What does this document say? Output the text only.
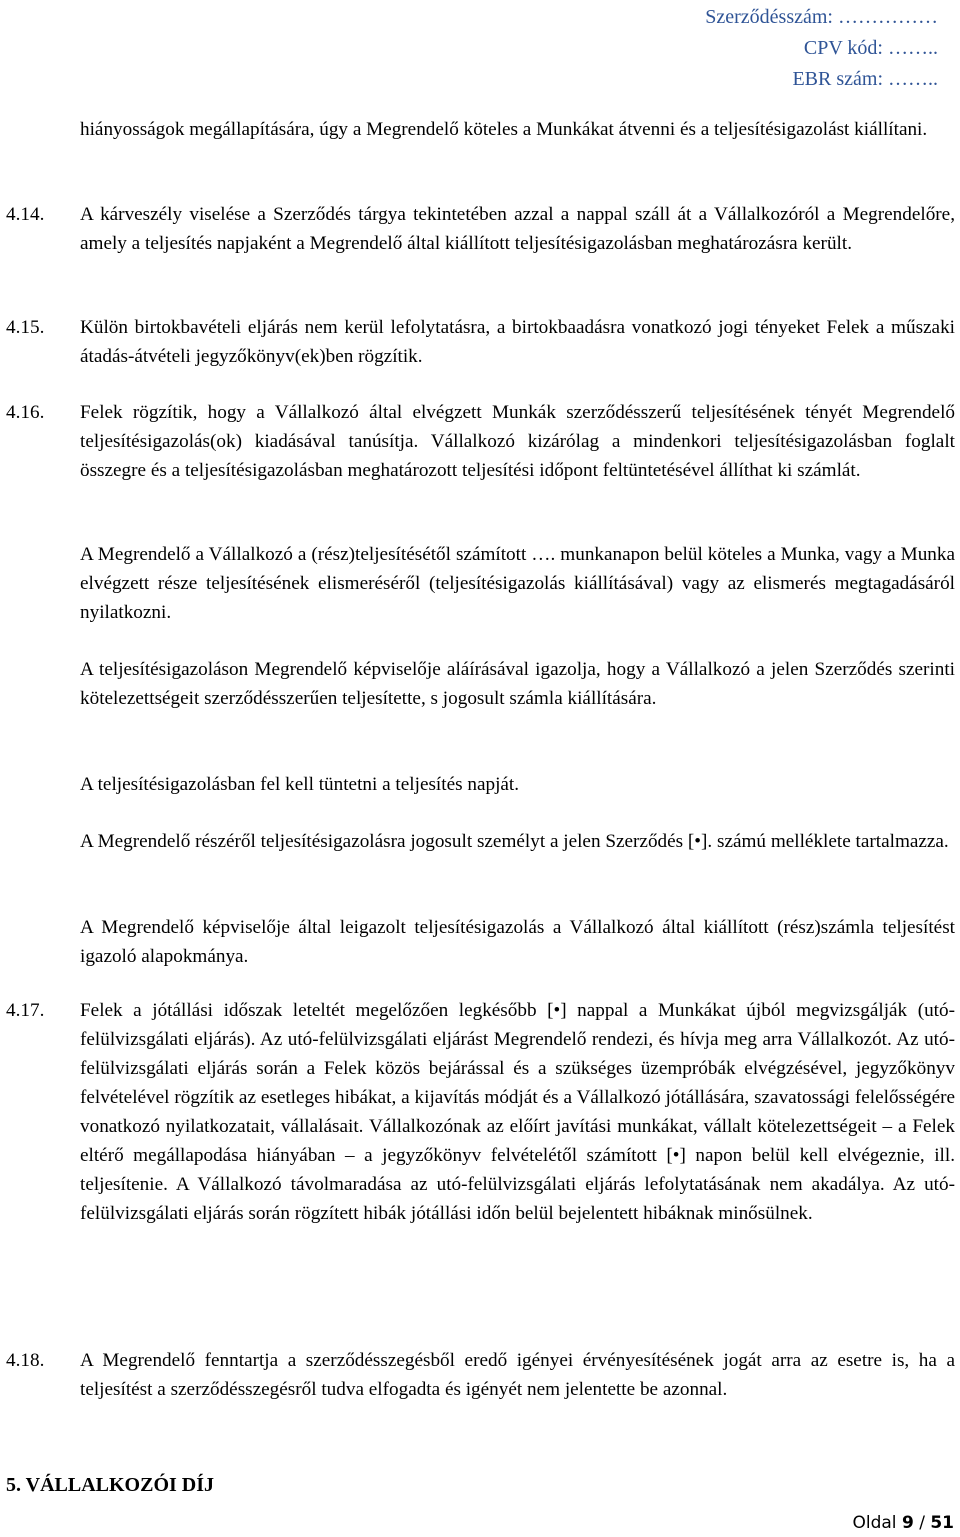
Szerződésszám: ……………
CPV kód: ……..
EBR szám: ……..
hiányosságok megállapítására, úgy a Megrendelő köteles a Munkákat átvenni és a teljesítésigazolást kiállítani.
4.14. A kárveszély viselése a Szerződés tárgya tekintetében azzal a nappal száll át a Vállalkozóról a Megrendelőre, amely a teljesítés napjaként a Megrendelő által kiállított teljesítésigazolásban meghatározásra került.
4.15. Külön birtokbavételi eljárás nem kerül lefolytatásra, a birtokbaadásra vonatkozó jogi tényeket Felek a műszaki átadás-átvételi jegyzőkönyv(ek)ben rögzítik.
4.16. Felek rögzítik, hogy a Vállalkozó által elvégzett Munkák szerződésszerű teljesítésének tényét Megrendelő teljesítésigazolás(ok) kiadásával tanúsítja. Vállalkozó kizárólag a mindenkori teljesítésigazolásban foglalt összegre és a teljesítésigazolásban meghatározott teljesítési időpont feltüntetésével állíthat ki számlát.
A Megrendelő a Vállalkozó a (rész)teljesítésétől számított …. munkanapon belül köteles a Munka, vagy a Munka elvégzett része teljesítésének elismeréséről (teljesítésigazolás kiállításával) vagy az elismerés megtagadásáról nyilatkozni.
A teljesítésigazoláson Megrendelő képviselője aláírásával igazolja, hogy a Vállalkozó a jelen Szerződés szerinti kötelezettségeit szerződésszerűen teljesítette, s jogosult számla kiállítására.
A teljesítésigazolásban fel kell tüntetni a teljesítés napját.
A Megrendelő részéről teljesítésigazolásra jogosult személyt a jelen Szerződés [•]. számú melléklete tartalmazza.
A Megrendelő képviselője által leigazolt teljesítésigazolás a Vállalkozó által kiállított (rész)számla teljesítést igazoló alapokmánya.
4.17. Felek a jótállási időszak leteltét megelőzően legkésőbb [•] nappal a Munkákat újból megvizsgálják (utó-felülvizsgálati eljárás). Az utó-felülvizsgálati eljárást Megrendelő rendezi, és hívja meg arra Vállalkozót. Az utó-felülvizsgálati eljárás során a Felek közös bejárással és a szükséges üzempróbák elvégzésével, jegyzőkönyv felvételével rögzítik az esetleges hibákat, a kijavítás módját és a Vállalkozó jótállására, szavatossági felelősségére vonatkozó nyilatkozatait, vállalásait. Vállalkozónak az előírt javítási munkákat, vállalt kötelezettségeit – a Felek eltérő megállapodása hiányában – a jegyzőkönyv felvételétől számított [•] napon belül kell elvégeznie, ill. teljesítenie. A Vállalkozó távolmaradása az utó-felülvizsgálati eljárás lefolytatásának nem akadálya. Az utó-felülvizsgálati eljárás során rögzített hibák jótállási időn belül bejelentett hibáknak minősülnek.
4.18. A Megrendelő fenntartja a szerződésszegésből eredő igényei érvényesítésének jogát arra az esetre is, ha a teljesítést a szerződésszegésről tudva elfogadta és igényét nem jelentette be azonnal.
5. VÁLLALKOZÓI DÍJ
Oldal 9 / 51
